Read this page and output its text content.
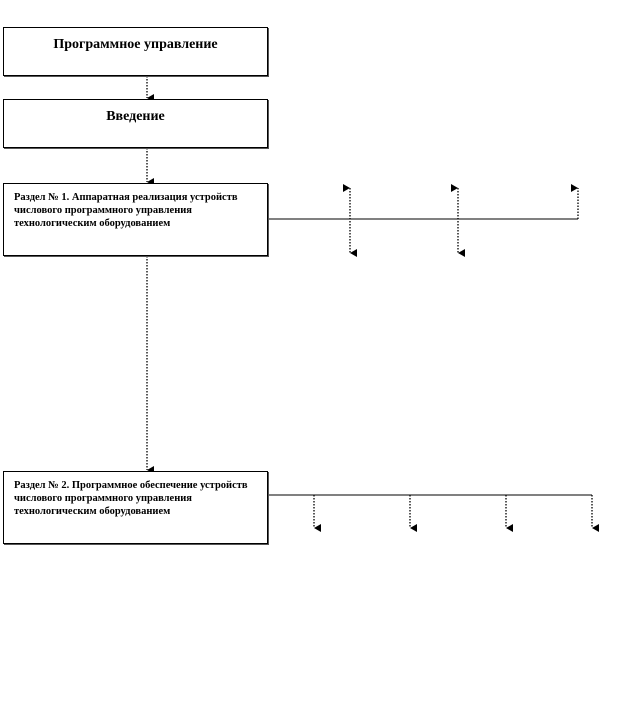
Программное управление
Введение
Раздел № 1. Аппаратная реализация устройств числового программного управления технологическим оборудованием
Раздел № 2. Программное обеспечение устройств числового программного управления технологическим оборудованием
